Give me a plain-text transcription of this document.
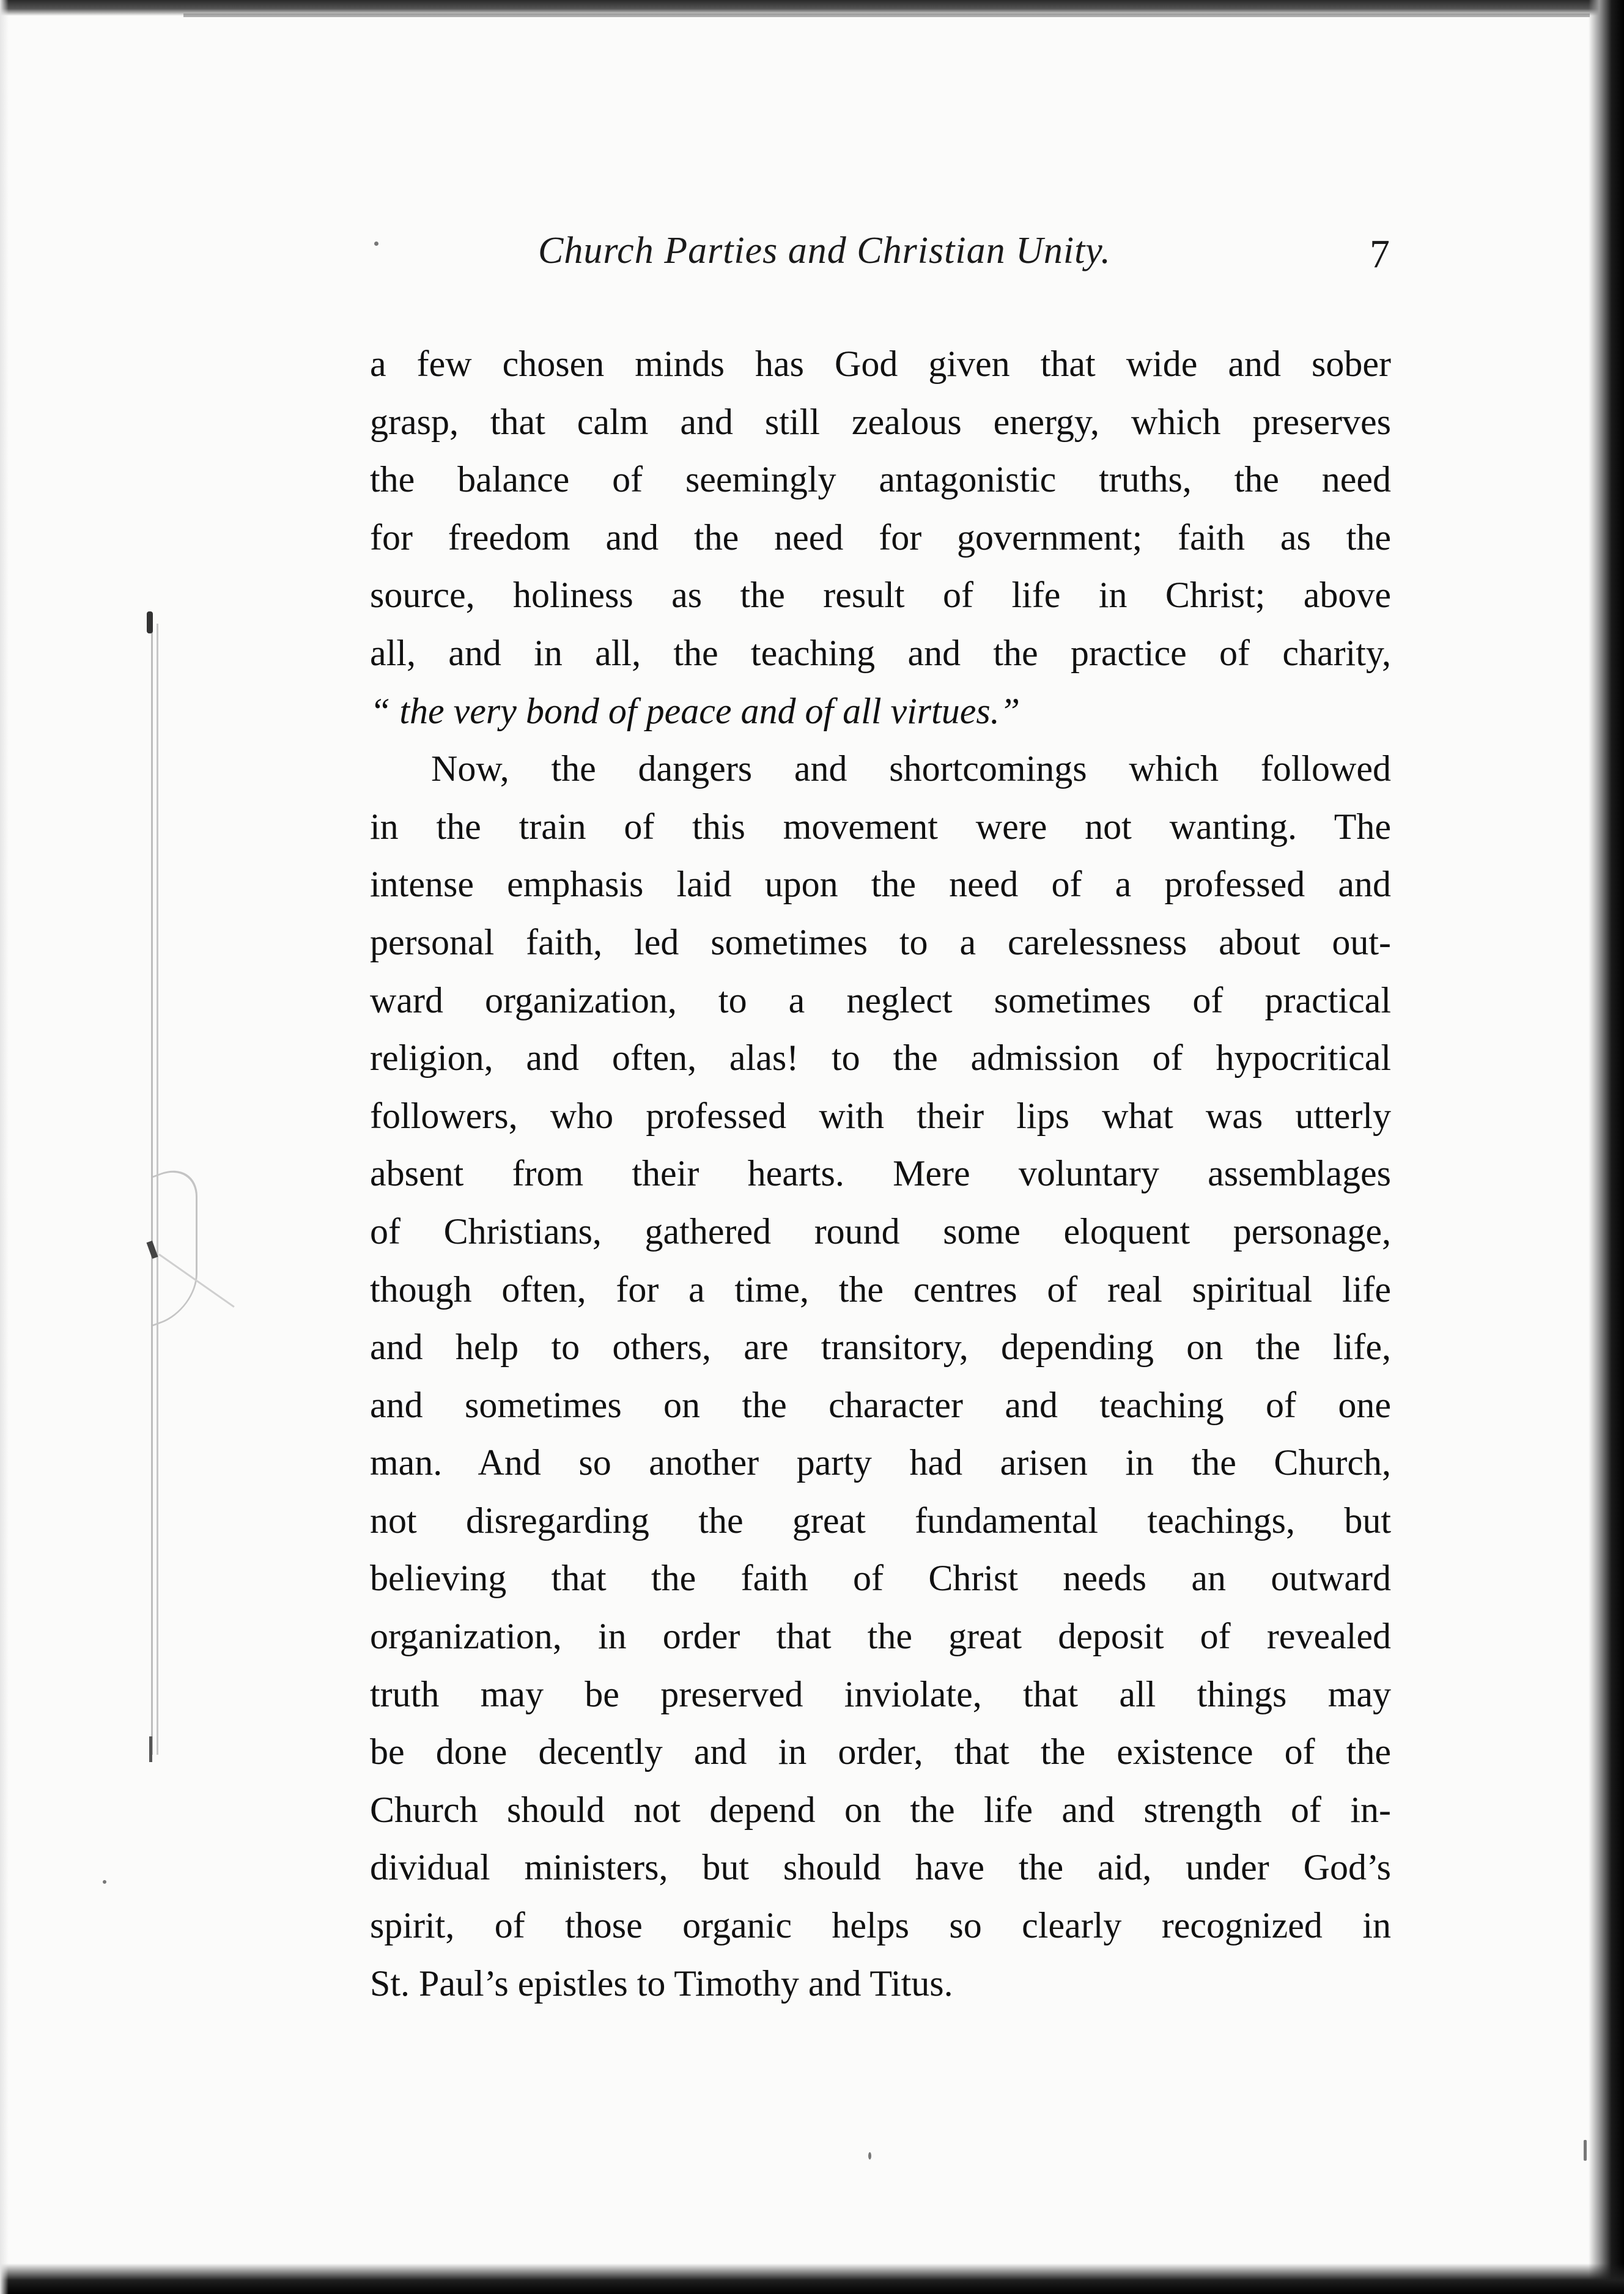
Church Parties and Christian Unity.	7
a few chosen minds has God given that wide and sober
grasp, that calm and still zealous energy, which preserves
the balance of seemingly antagonistic truths, the need
for freedom and the need for government; faith as the
source, holiness as the result of life in Christ; above
all, and in all, the teaching and the practice of charity,
“ the very bond of peace and of all virtues.”
Now, the dangers and shortcomings which followed
in the train of this movement were not wanting. The
intense emphasis laid upon the need of a professed and
personal faith, led sometimes to a carelessness about out-
ward organization, to a neglect sometimes of practical
religion, and often, alas! to the admission of hypocritical
followers, who professed with their lips what was utterly
absent from their hearts. Mere voluntary assemblages
of Christians, gathered round some eloquent personage,
though often, for a time, the centres of real spiritual life
and help to others, are transitory, depending on the life,
and sometimes on the character and teaching of one
man. And so another party had arisen in the Church,
not disregarding the great fundamental teachings, but
believing that the faith of Christ needs an outward
organization, in order that the great deposit of revealed
truth may be preserved inviolate, that all things may
be done decently and in order, that the existence of the
Church should not depend on the life and strength of in-
dividual ministers, but should have the aid, under God’s
spirit, of those organic helps so clearly recognized in
St. Paul’s epistles to Timothy and Titus.
